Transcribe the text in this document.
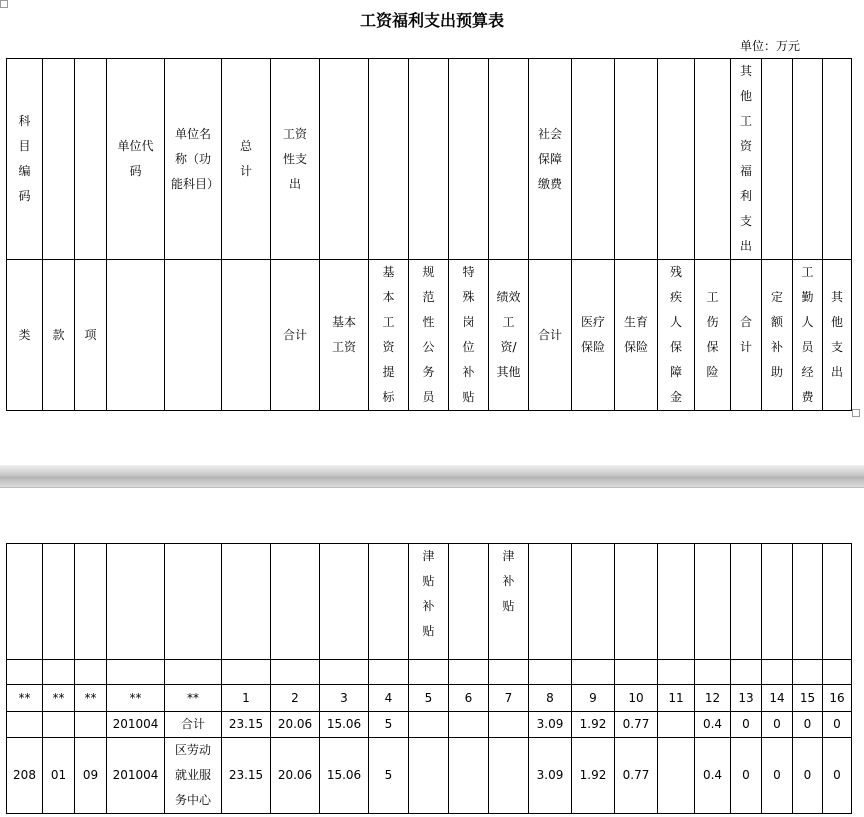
工资福利支出预算表
单位：万元
科目编码			单位代码	单位名称（功能科目）	总计	工资性支出						社会保障缴费					其他工资福利支出			
类	款	项				合计	基本工资	基本工资提标	规范性公务员	特殊岗位补贴	绩效工资/其他	合计	医疗保险	生育保险	残疾人保障金	工伤保险	合计	定额补助	工勤人员经费	其他支出
									津贴补贴		津补贴									

**	**	**	**	**	1	2	3	4	5	6	7	8	9	10	11	12	13	14	15	16
			201004	合计	23.15	20.06	15.06	5				3.09	1.92	0.77		0.4	0	0	0	0
208	01	09	201004	区劳动就业服务中心	23.15	20.06	15.06	5				3.09	1.92	0.77		0.4	0	0	0	0
